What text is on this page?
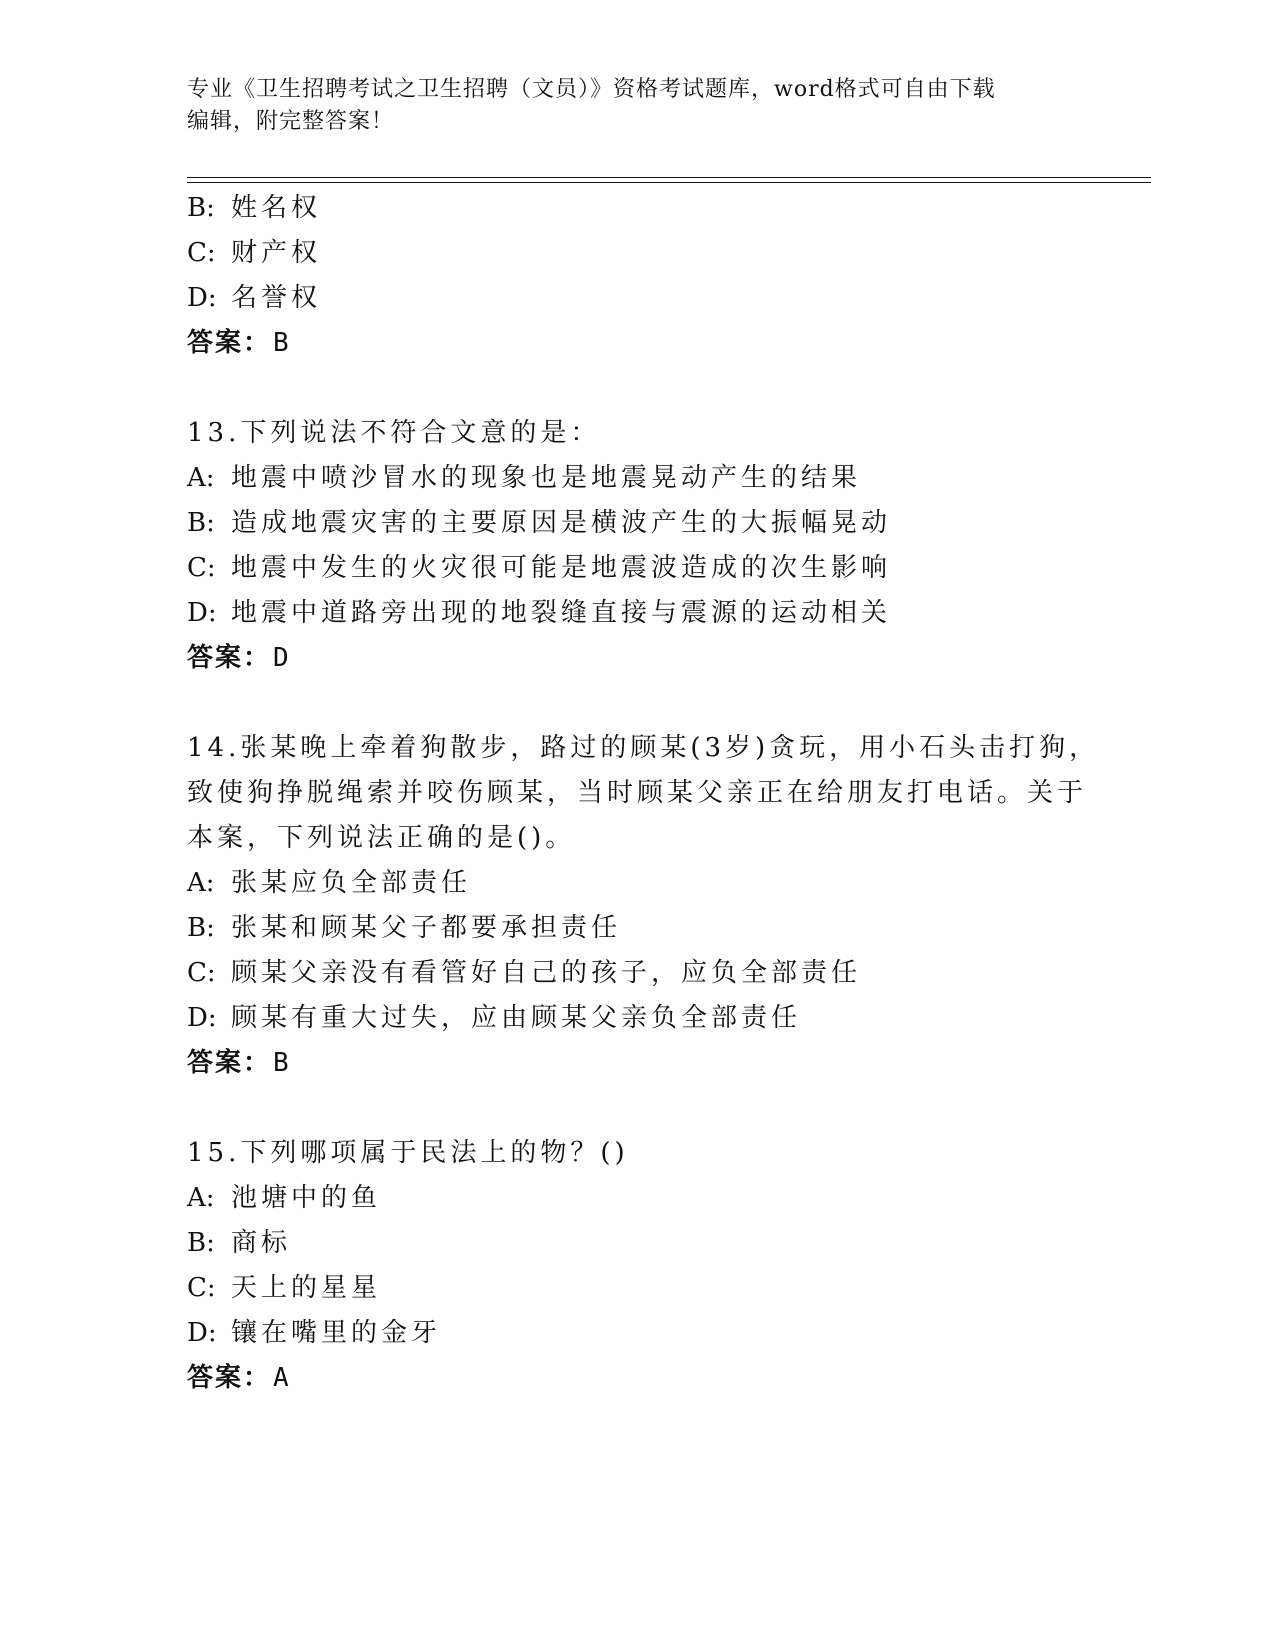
专业《卫生招聘考试之卫生招聘（文员）》资格考试题库，word格式可自由下载
编辑，附完整答案！
B: 姓名权
C: 财产权
D: 名誉权
答案：B
13.下列说法不符合文意的是：
A: 地震中喷沙冒水的现象也是地震晃动产生的结果
B: 造成地震灾害的主要原因是横波产生的大振幅晃动
C: 地震中发生的火灾很可能是地震波造成的次生影响
D: 地震中道路旁出现的地裂缝直接与震源的运动相关
答案：D
14.张某晚上牵着狗散步，路过的顾某(3岁)贪玩，用小石头击打狗，
致使狗挣脱绳索并咬伤顾某，当时顾某父亲正在给朋友打电话。关于
本案，下列说法正确的是()。
A: 张某应负全部责任
B: 张某和顾某父子都要承担责任
C: 顾某父亲没有看管好自己的孩子，应负全部责任
D: 顾某有重大过失，应由顾某父亲负全部责任
答案：B
15.下列哪项属于民法上的物？()
A: 池塘中的鱼
B: 商标
C: 天上的星星
D: 镶在嘴里的金牙
答案：A
